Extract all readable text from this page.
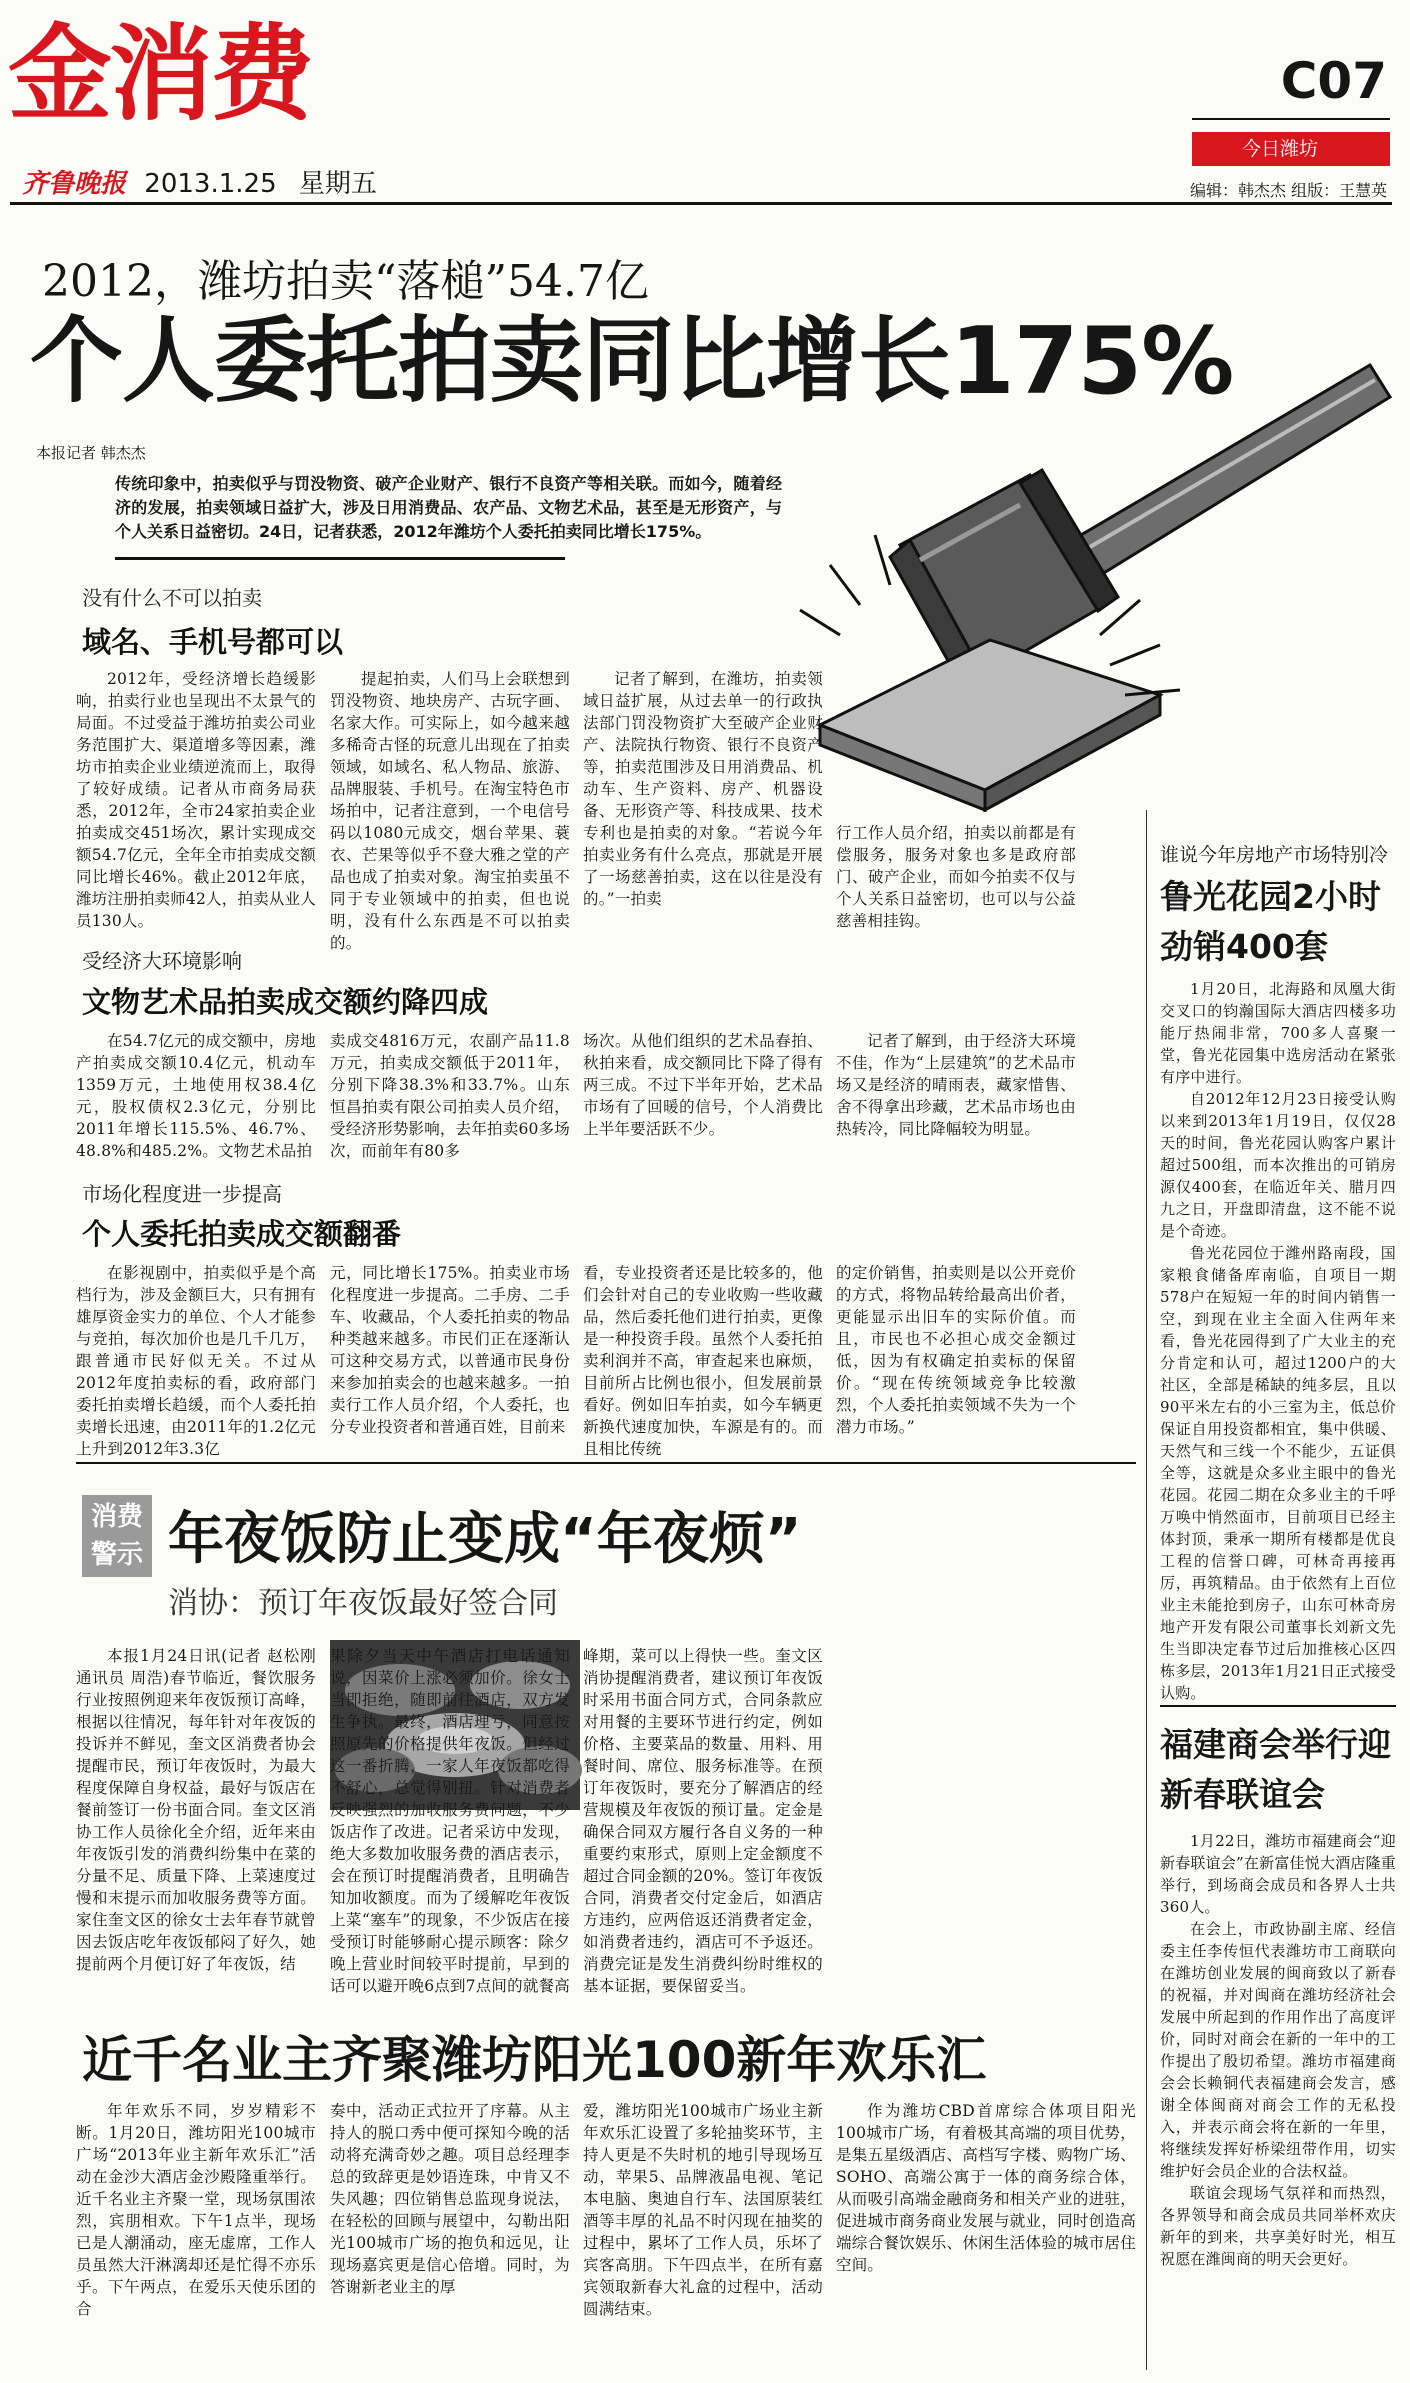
金消费	C07
今日潍坊
齐鲁晚报 2013.1.25 星期五	编辑：韩杰杰 组版：王慧英
2012，潍坊拍卖“落槌”54.7亿
个人委托拍卖同比增长175%
本报记者 韩杰杰
传统印象中，拍卖似乎与罚没物资、破产企业财产、银行不良资产等相关联。而如今，随着经济的发展，拍卖领域日益扩大，涉及日用消费品、农产品、文物艺术品，甚至是无形资产，与个人关系日益密切。24日，记者获悉，2012年潍坊个人委托拍卖同比增长175%。
没有什么不可以拍卖
域名、手机号都可以

2012年，受经济增长趋缓影响，拍卖行业也呈现出不太景气的局面。不过受益于潍坊拍卖公司业务范围扩大、渠道增多等因素，潍坊市拍卖企业业绩逆流而上，取得了较好成绩。记者从市商务局获悉，2012年，全市24家拍卖企业拍卖成交451场次，累计实现成交额54.7亿元，全年全市拍卖成交额同比增长46%。截止2012年底，潍坊注册拍卖师42人，拍卖从业人员130人。

提起拍卖，人们马上会联想到罚没物资、地块房产、古玩字画、名家大作。可实际上，如今越来越多稀奇古怪的玩意儿出现在了拍卖领域，如域名、私人物品、旅游、品牌服装、手机号。在淘宝特色市场拍中，记者注意到，一个电信号码以1080元成交，烟台苹果、蓑衣、芒果等似乎不登大雅之堂的产品也成了拍卖对象。淘宝拍卖虽不同于专业领域中的拍卖，但也说明，没有什么东西是不可以拍卖的。

记者了解到，在潍坊，拍卖领域日益扩展，从过去单一的行政执法部门罚没物资扩大至破产企业财产、法院执行物资、银行不良资产等，拍卖范围涉及日用消费品、机动车、生产资料、房产、机器设备、无形资产等、科技成果、技术专利也是拍卖的对象。“若说今年拍卖业务有什么亮点，那就是开展了一场慈善拍卖，这在以往是没有的。”一拍卖

行工作人员介绍，拍卖以前都是有偿服务，服务对象也多是政府部门、破产企业，而如今拍卖不仅与个人关系日益密切，也可以与公益慈善相挂钩。

受经济大环境影响
文物艺术品拍卖成交额约降四成

在54.7亿元的成交额中，房地产拍卖成交额10.4亿元，机动车1359万元，土地使用权38.4亿元，股权债权2.3亿元，分别比2011年增长115.5%、46.7%、48.8%和485.2%。文物艺术品拍

卖成交4816万元，农副产品11.8万元，拍卖成交额低于2011年，分别下降38.3%和33.7%。山东恒昌拍卖有限公司拍卖人员介绍，受经济形势影响，去年拍卖60多场次，而前年有80多

场次。从他们组织的艺术品春拍、秋拍来看，成交额同比下降了得有两三成。不过下半年开始，艺术品市场有了回暖的信号，个人消费比上半年要活跃不少。

记者了解到，由于经济大环境不佳，作为“上层建筑”的艺术品市场又是经济的晴雨表，藏家惜售、舍不得拿出珍藏，艺术品市场也由热转冷，同比降幅较为明显。

市场化程度进一步提高
个人委托拍卖成交额翻番

在影视剧中，拍卖似乎是个高档行为，涉及金额巨大，只有拥有雄厚资金实力的单位、个人才能参与竞拍，每次加价也是几千几万，跟普通市民好似无关。不过从2012年度拍卖标的看，政府部门委托拍卖增长趋缓，而个人委托拍卖增长迅速，由2011年的1.2亿元上升到2012年3.3亿

元，同比增长175%。拍卖业市场化程度进一步提高。二手房、二手车、收藏品，个人委托拍卖的物品种类越来越多。市民们正在逐渐认可这种交易方式，以普通市民身份来参加拍卖会的也越来越多。一拍卖行工作人员介绍，个人委托，也分专业投资者和普通百姓，目前来

看，专业投资者还是比较多的，他们会针对自己的专业收购一些收藏品，然后委托他们进行拍卖，更像是一种投资手段。虽然个人委托拍卖利润并不高，审查起来也麻烦，目前所占比例也很小，但发展前景看好。例如旧车拍卖，如今车辆更新换代速度加快，车源是有的。而且相比传统

的定价销售，拍卖则是以公开竞价的方式，将物品转给最高出价者，更能显示出旧车的实际价值。而且，市民也不必担心成交金额过低，因为有权确定拍卖标的保留价。“现在传统领域竞争比较激烈，个人委托拍卖领域不失为一个潜力市场。”

谁说今年房地产市场特别冷
鲁光花园2小时劲销400套

1月20日，北海路和凤凰大街交叉口的钧瀚国际大酒店四楼多功能厅热闹非常，700多人喜聚一堂，鲁光花园集中选房活动在紧张有序中进行。

自2012年12月23日接受认购以来到2013年1月19日，仅仅28天的时间，鲁光花园认购客户累计超过500组，而本次推出的可销房源仅400套，在临近年关、腊月四九之日，开盘即清盘，这不能不说是个奇迹。

鲁光花园位于潍州路南段，国家粮食储备库南临，自项目一期578户在短短一年的时间内销售一空，到现在业主全面入住两年来看，鲁光花园得到了广大业主的充分肯定和认可，超过1200户的大社区，全部是稀缺的纯多层，且以90平米左右的小三室为主，低总价保证自用投资都相宜，集中供暖、天然气和三线一个不能少，五证俱全等，这就是众多业主眼中的鲁光花园。花园二期在众多业主的千呼万唤中悄然面市，目前项目已经主体封顶，秉承一期所有楼都是优良工程的信誉口碑，可林奇再接再厉，再筑精品。由于依然有上百位业主未能抢到房子，山东可林奇房地产开发有限公司董事长刘新文先生当即决定春节过后加推核心区四栋多层，2013年1月21日正式接受认购。

福建商会举行迎新春联谊会

1月22日，潍坊市福建商会“迎新春联谊会”在新富佳悦大酒店隆重举行，到场商会成员和各界人士共360人。

在会上，市政协副主席、经信委主任李传恒代表潍坊市工商联向在潍坊创业发展的闽商致以了新春的祝福，并对闽商在潍坊经济社会发展中所起到的作用作出了高度评价，同时对商会在新的一年中的工作提出了殷切希望。潍坊市福建商会会长赖铜代表福建商会发言，感谢全体闽商对商会工作的无私投入，并表示商会将在新的一年里，将继续发挥好桥梁纽带作用，切实维护好会员企业的合法权益。

联谊会现场气氛祥和而热烈，各界领导和商会成员共同举杯欢庆新年的到来，共享美好时光，相互祝愿在潍闽商的明天会更好。

消费警示 年夜饭防止变成“年夜烦”
消协：预订年夜饭最好签合同

本报1月24日讯(记者 赵松刚 通讯员 周浩)春节临近，餐饮服务行业按照例迎来年夜饭预订高峰，根据以往情况，每年针对年夜饭的投诉并不鲜见，奎文区消费者协会提醒市民，预订年夜饭时，为最大程度保障自身权益，最好与饭店在餐前签订一份书面合同。奎文区消协工作人员徐化全介绍，近年来由年夜饭引发的消费纠纷集中在菜的分量不足、质量下降、上菜速度过慢和末提示而加收服务费等方面。家住奎文区的徐女士去年春节就曾因去饭店吃年夜饭郁闷了好久，她提前两个月便订好了年夜饭，结

果除夕当天中午酒店打电话通知说，因菜价上涨必须加价。徐女士当即拒绝，随即前往酒店，双方发生争执。最终，酒店理亏，同意按照原先的价格提供年夜饭。但经过这一番折腾，一家人年夜饭都吃得不舒心，总觉得别扭。针对消费者反映强烈的加收服务费问题，不少饭店作了改进。记者采访中发现，绝大多数加收服务费的酒店表示，会在预订时提醒消费者，且明确告知加收额度。而为了缓解吃年夜饭上菜“塞车”的现象，不少饭店在接受预订时能够耐心提示顾客：除夕晚上营业时间较平时提前，早到的话可以避开晚6点到7点间的就餐高

峰期，菜可以上得快一些。奎文区消协提醒消费者，建议预订年夜饭时采用书面合同方式，合同条款应对用餐的主要环节进行约定，例如价格、主要菜品的数量、用料、用餐时间、席位、服务标准等。在预订年夜饭时，要充分了解酒店的经营规模及年夜饭的预订量。定金是确保合同双方履行各自义务的一种重要约束形式，原则上定金额度不超过合同金额的20%。签订年夜饭合同，消费者交付定金后，如酒店方违约，应两倍返还消费者定金，如消费者违约，酒店可不予返还。消费完证是发生消费纠纷时维权的基本证据，要保留妥当。

近千名业主齐聚潍坊阳光100新年欢乐汇

年年欢乐不同，岁岁精彩不断。1月20日，潍坊阳光100城市广场“2013年业主新年欢乐汇”活动在金沙大酒店金沙殿隆重举行。近千名业主齐聚一堂，现场氛围浓烈，宾朋相欢。下午1点半，现场已是人潮涌动，座无虚席，工作人员虽然大汗淋漓却还是忙得不亦乐乎。下午两点，在爱乐天使乐团的合

奏中，活动正式拉开了序幕。从主持人的脱口秀中便可探知今晚的活动将充满奇妙之趣。项目总经理李总的致辞更是妙语连珠，中肯又不失风趣；四位销售总监现身说法，在轻松的回顾与展望中，勾勒出阳光100城市广场的抱负和远见，让现场嘉宾更是信心倍增。同时，为答谢新老业主的厚

爱，潍坊阳光100城市广场业主新年欢乐汇设置了多轮抽奖环节，主持人更是不失时机的地引导现场互动，苹果5、品牌液晶电视、笔记本电脑、奥迪自行车、法国原装红酒等丰厚的礼品不时闪现在抽奖的过程中，累坏了工作人员，乐坏了宾客高朋。下午四点半，在所有嘉宾领取新春大礼盒的过程中，活动圆满结束。

作为潍坊CBD首席综合体项目阳光100城市广场，有着极其高端的项目优势，是集五星级酒店、高档写字楼、购物广场、SOHO、高端公寓于一体的商务综合体，从而吸引高端金融商务和相关产业的进驻，促进城市商务商业发展与就业，同时创造高端综合餐饮娱乐、休闲生活体验的城市居住空间。
